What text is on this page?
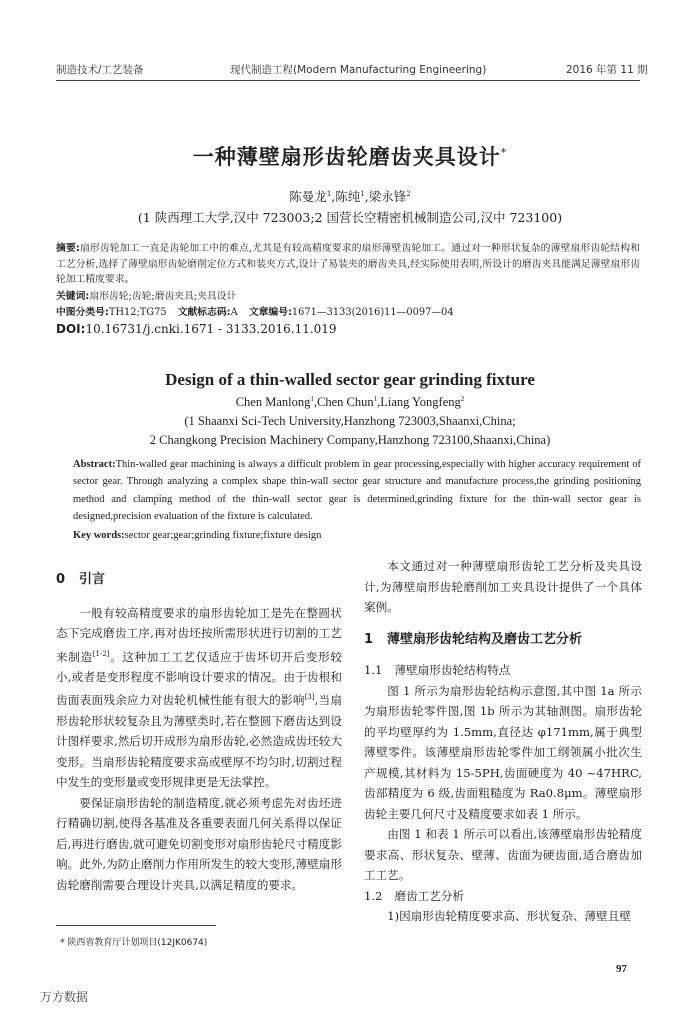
制造技术/工艺装备	现代制造工程(Modern Manufacturing Engineering)	2016 年第 11 期
一种薄壁扇形齿轮磨齿夹具设计*
陈曼龙$^1$,陈纯$^1$,梁永锋$^2$
(1 陕西理工大学,汉中 723003;2 国营长空精密机械制造公司,汉中 723100)
摘要:扇形齿轮加工一直是齿轮加工中的难点,尤其是有较高精度要求的扇形薄壁齿轮加工。通过对一种形状复杂的薄壁扇形齿轮结构和工艺分析,选择了薄壁扇形齿轮磨削定位方式和装夹方式,设计了易装夹的磨齿夹具,经实际使用表明,所设计的磨齿夹具能满足薄壁扇形齿轮加工精度要求。
关键词:扇形齿轮;齿轮;磨齿夹具;夹具设计
中图分类号:TH12;TG75 文献标志码:A 文章编号:1671—3133(2016)11—0097—04
DOI:10.16731/j.cnki.1671 - 3133.2016.11.019
Design of a thin-walled sector gear grinding fixture
Chen Manlong$^1$,Chen Chun$^1$,Liang Yongfeng$^2$
(1 Shaanxi Sci-Tech University,Hanzhong 723003,Shaanxi,China;
2 Changkong Precision Machinery Company,Hanzhong 723100,Shaanxi,China)
Abstract:Thin-walled gear machining is always a difficult problem in gear processing,especially with higher accuracy requirement of sector gear. Through analyzing a complex shape thin-wall sector gear structure and manufacture process,the grinding positioning method and clamping method of the thin-wall sector gear is determined,grinding fixture for the thin-wall sector gear is designed,precision evaluation of the fixture is calculated.
Key words:sector gear;gear;grinding fixture;fixture design
0 引言

一般有较高精度要求的扇形齿轮加工是先在整圆状态下完成磨齿工序,再对齿坯按所需形状进行切割的工艺来制造[1-2]。这种加工工艺仅适应于齿坏切开后变形较小,或者是变形程度不影响设计要求的情况。由于齿根和齿面表面残余应力对齿轮机械性能有很大的影响[3],当扇形齿轮形状较复杂且为薄壁类时,若在整圆下磨齿达到设计图样要求,然后切开成形为扇形齿轮,必然造成齿坯较大变形。当扇形齿轮精度要求高或壁厚不均匀时,切割过程中发生的变形量或变形规律更是无法掌控。

要保证扇形齿轮的制造精度,就必须考虑先对齿坯进行精确切割,使得各基准及各重要表面几何关系得以保证后,再进行磨齿,就可避免切割变形对扇形齿轮尺寸精度影响。此外,为防止磨削力作用所发生的较大变形,薄壁扇形齿轮磨削需要合理设计夹具,以满足精度的要求。

本文通过对一种薄壁扇形齿轮工艺分析及夹具设计,为薄壁扇形齿轮磨削加工夹具设计提供了一个具体案例。

1 薄壁扇形齿轮结构及磨齿工艺分析
1.1 薄壁扇形齿轮结构特点

图 1 所示为扇形齿轮结构示意图,其中图 1a 所示为扇形齿轮零件图,图 1b 所示为其轴测图。扇形齿轮的平均壁厚约为 1.5mm,直径达 φ171mm,属于典型薄壁零件。该薄壁扇形齿轮零件加工纲领属小批次生产规模,其材料为 15-5PH,齿面硬度为 40 ~47HRC,齿部精度为 6 级,齿面粗糙度为 Ra0.8μm。薄壁扇形齿轮主要几何尺寸及精度要求如表 1 所示。

由图 1 和表 1 所示可以看出,该薄壁扇形齿轮精度要求高、形状复杂、壁薄、齿面为硬齿面,适合磨齿加工工艺。

1.2 磨齿工艺分析

1)因扇形齿轮精度要求高、形状复杂、薄壁且壁

* 陕西省教育厅计划项目(12JK0674)
97
万方数据
